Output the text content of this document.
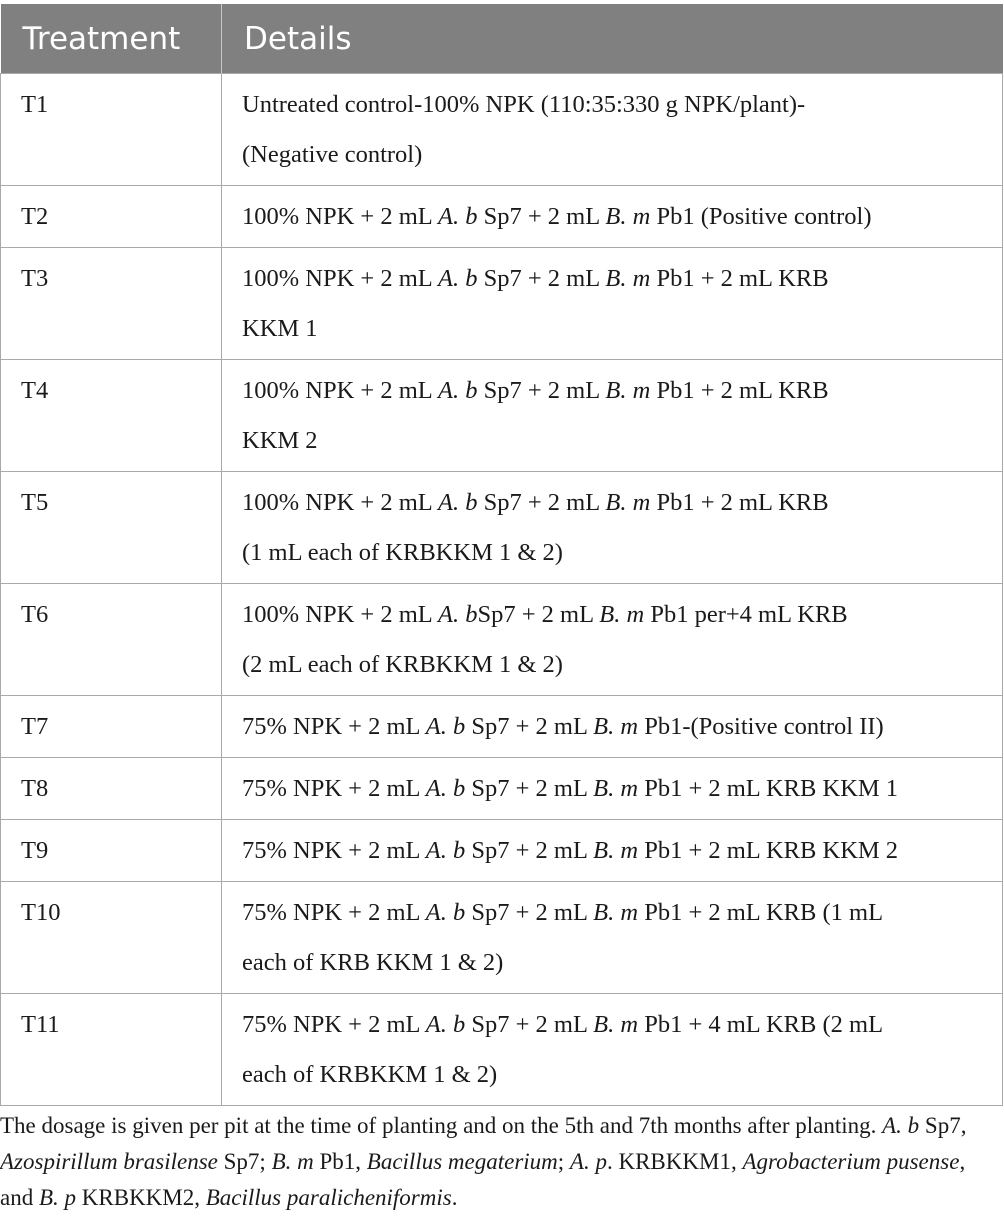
Treatment	Details

T1	Untreated control-100% NPK (110:35:330 g NPK/plant)-
(Negative control)

T2	100% NPK + 2 mL A. b Sp7 + 2 mL B. m Pb1 (Positive control)

T3	100% NPK + 2 mL A. b Sp7 + 2 mL B. m Pb1 + 2 mL KRB
KKM 1

T4	100% NPK + 2 mL A. b Sp7 + 2 mL B. m Pb1 + 2 mL KRB
KKM 2

T5	100% NPK + 2 mL A. b Sp7 + 2 mL B. m Pb1 + 2 mL KRB
(1 mL each of KRBKKM 1 & 2)

T6	100% NPK + 2 mL A. bSp7 + 2 mL B. m Pb1 per+4 mL KRB
(2 mL each of KRBKKM 1 & 2)

T7	75% NPK + 2 mL A. b Sp7 + 2 mL B. m Pb1-(Positive control II)

T8	75% NPK + 2 mL A. b Sp7 + 2 mL B. m Pb1 + 2 mL KRB KKM 1

T9	75% NPK + 2 mL A. b Sp7 + 2 mL B. m Pb1 + 2 mL KRB KKM 2

T10	75% NPK + 2 mL A. b Sp7 + 2 mL B. m Pb1 + 2 mL KRB (1 mL
each of KRB KKM 1 & 2)

T11	75% NPK + 2 mL A. b Sp7 + 2 mL B. m Pb1 + 4 mL KRB (2 mL
each of KRBKKM 1 & 2)
The dosage is given per pit at the time of planting and on the 5th and 7th months after planting. A. b Sp7, Azospirillum brasilense Sp7; B. m Pb1, Bacillus megaterium; A. p. KRBKKM1, Agrobacterium pusense, and B. p KRBKKM2, Bacillus paralicheniformis.
